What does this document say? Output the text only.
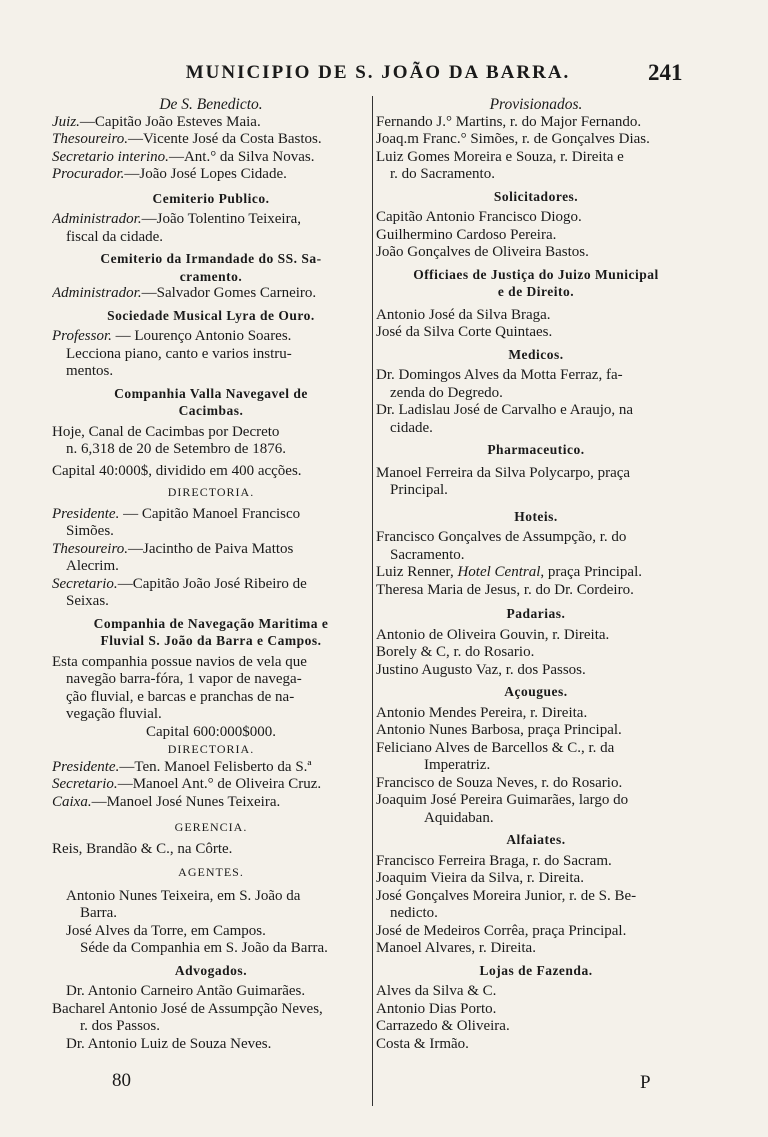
MUNICIPIO DE S. JOÃO DA BARRA.	241
De S. Benedicto.
Juiz.—Capitão João Esteves Maia.
Thesoureiro.—Vicente José da Costa Bastos.
Secretario interino.—Ant.° da Silva Novas.
Procurador.—João José Lopes Cidade.
Cemiterio Publico.
Administrador.—João Tolentino Teixeira,
fiscal da cidade.
Cemiterio da Irmandade do SS. Sa-
cramento.
Administrador.—Salvador Gomes Carneiro.
Sociedade Musical Lyra de Ouro.
Professor. — Lourenço Antonio Soares.
Lecciona piano, canto e varios instru-
mentos.
Companhia Valla Navegavel de
Cacimbas.
Hoje, Canal de Cacimbas por Decreto
n. 6,318 de 20 de Setembro de 1876.
Capital 40:000$, dividido em 400 acções.
DIRECTORIA.
Presidente. — Capitão Manoel Francisco
Simões.
Thesoureiro.—Jacintho de Paiva Mattos
Alecrim.
Secretario.—Capitão João José Ribeiro de
Seixas.
Companhia de Navegação Maritima e
Fluvial S. João da Barra e Campos.
Esta companhia possue navios de vela que
navegão barra-fóra, 1 vapor de navega-
ção fluvial, e barcas e pranchas de na-
vegação fluvial.
Capital 600:000$000.
DIRECTORIA.
Presidente.—Ten. Manoel Felisberto da S.ª
Secretario.—Manoel Ant.° de Oliveira Cruz.
Caixa.—Manoel José Nunes Teixeira.
GERENCIA.
Reis, Brandão & C., na Côrte.
AGENTES.
Antonio Nunes Teixeira, em S. João da
Barra.
José Alves da Torre, em Campos.
Séde da Companhia em S. João da Barra.
Advogados.
Dr. Antonio Carneiro Antão Guimarães.
Bacharel Antonio José de Assumpção Neves,
r. dos Passos.
Dr. Antonio Luiz de Souza Neves.
Provisionados.
Fernando J.° Martins, r. do Major Fernando.
Joaq.m Franc.° Simões, r. de Gonçalves Dias.
Luiz Gomes Moreira e Souza, r. Direita e
r. do Sacramento.
Solicitadores.
Capitão Antonio Francisco Diogo.
Guilhermino Cardoso Pereira.
João Gonçalves de Oliveira Bastos.
Officiaes de Justiça do Juizo Municipal
e de Direito.
Antonio José da Silva Braga.
José da Silva Corte Quintaes.
Medicos.
Dr. Domingos Alves da Motta Ferraz, fa-
zenda do Degredo.
Dr. Ladislau José de Carvalho e Araujo, na
cidade.
Pharmaceutico.
Manoel Ferreira da Silva Polycarpo, praça
Principal.
Hoteis.
Francisco Gonçalves de Assumpção, r. do
Sacramento.
Luiz Renner, Hotel Central, praça Principal.
Theresa Maria de Jesus, r. do Dr. Cordeiro.
Padarias.
Antonio de Oliveira Gouvin, r. Direita.
Borely & C, r. do Rosario.
Justino Augusto Vaz, r. dos Passos.
Açougues.
Antonio Mendes Pereira, r. Direita.
Antonio Nunes Barbosa, praça Principal.
Feliciano Alves de Barcellos & C., r. da
Imperatriz.
Francisco de Souza Neves, r. do Rosario.
Joaquim José Pereira Guimarães, largo do
Aquidaban.
Alfaiates.
Francisco Ferreira Braga, r. do Sacram.
Joaquim Vieira da Silva, r. Direita.
José Gonçalves Moreira Junior, r. de S. Be-
nedicto.
José de Medeiros Corrêa, praça Principal.
Manoel Alvares, r. Direita.
Lojas de Fazenda.
Alves da Silva & C.
Antonio Dias Porto.
Carrazedo & Oliveira.
Costa & Irmão.
80	P
